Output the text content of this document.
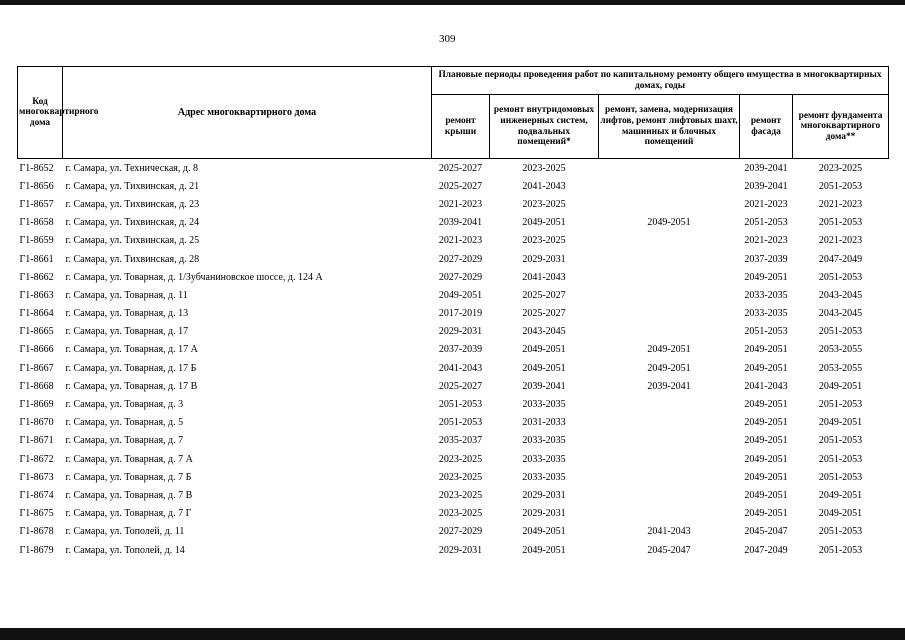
309
Код многоквартирного дома	Адрес многоквартирного дома	Плановые периоды проведения работ по капитальному ремонту общего имущества в многоквартирных домах, годы				
		ремонт крыши	ремонт внутридомовых инженерных систем, подвальных помещений*	ремонт, замена, модернизация лифтов, ремонт лифтовых шахт, машинных и блочных помещений	ремонт фасада	ремонт фундамента многоквартирного дома**
Г1-8652	г. Самара, ул. Техническая, д. 8	2025-2027	2023-2025		2039-2041	2023-2025
Г1-8656	г. Самара, ул. Тихвинская, д. 21	2025-2027	2041-2043		2039-2041	2051-2053
Г1-8657	г. Самара, ул. Тихвинская, д. 23	2021-2023	2023-2025		2021-2023	2021-2023
Г1-8658	г. Самара, ул. Тихвинская, д. 24	2039-2041	2049-2051	2049-2051	2051-2053	2051-2053
Г1-8659	г. Самара, ул. Тихвинская, д. 25	2021-2023	2023-2025		2021-2023	2021-2023
Г1-8661	г. Самара, ул. Тихвинская, д. 28	2027-2029	2029-2031		2037-2039	2047-2049
Г1-8662	г. Самара, ул. Товарная, д. 1/Зубчаниновское шоссе, д. 124 А	2027-2029	2041-2043		2049-2051	2051-2053
Г1-8663	г. Самара, ул. Товарная, д. 11	2049-2051	2025-2027		2033-2035	2043-2045
Г1-8664	г. Самара, ул. Товарная, д. 13	2017-2019	2025-2027		2033-2035	2043-2045
Г1-8665	г. Самара, ул. Товарная, д. 17	2029-2031	2043-2045		2051-2053	2051-2053
Г1-8666	г. Самара, ул. Товарная, д. 17 А	2037-2039	2049-2051	2049-2051	2049-2051	2053-2055
Г1-8667	г. Самара, ул. Товарная, д. 17 Б	2041-2043	2049-2051	2049-2051	2049-2051	2053-2055
Г1-8668	г. Самара, ул. Товарная, д. 17 В	2025-2027	2039-2041	2039-2041	2041-2043	2049-2051
Г1-8669	г. Самара, ул. Товарная, д. 3	2051-2053	2033-2035		2049-2051	2051-2053
Г1-8670	г. Самара, ул. Товарная, д. 5	2051-2053	2031-2033		2049-2051	2049-2051
Г1-8671	г. Самара, ул. Товарная, д. 7	2035-2037	2033-2035		2049-2051	2051-2053
Г1-8672	г. Самара, ул. Товарная, д. 7 А	2023-2025	2033-2035		2049-2051	2051-2053
Г1-8673	г. Самара, ул. Товарная, д. 7 Б	2023-2025	2033-2035		2049-2051	2051-2053
Г1-8674	г. Самара, ул. Товарная, д. 7 В	2023-2025	2029-2031		2049-2051	2049-2051
Г1-8675	г. Самара, ул. Товарная, д. 7 Г	2023-2025	2029-2031		2049-2051	2049-2051
Г1-8678	г. Самара, ул. Тополей, д. 11	2027-2029	2049-2051	2041-2043	2045-2047	2051-2053
Г1-8679	г. Самара, ул. Тополей, д. 14	2029-2031	2049-2051	2045-2047	2047-2049	2051-2053
